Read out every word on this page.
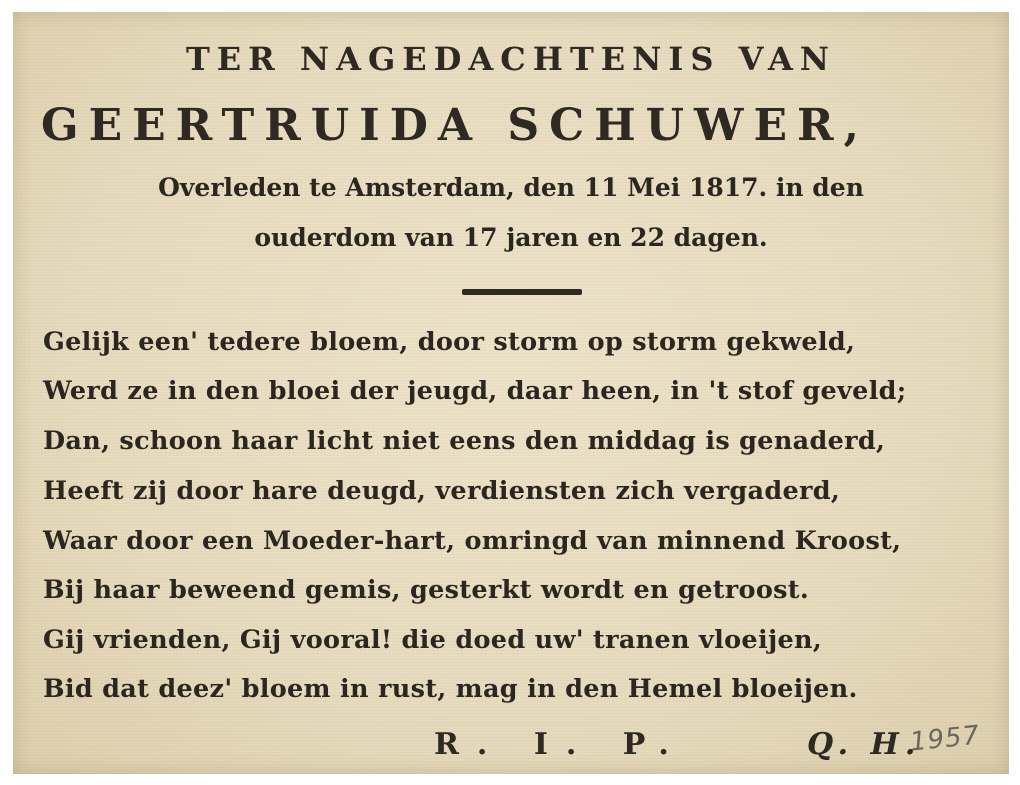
TER NAGEDACHTENIS VAN
GEERTRUIDA SCHUWER,
Overleden te Amsterdam, den 11 Mei 1817. in den
ouderdom van 17 jaren en 22 dagen.
Gelijk een' tedere bloem, door storm op storm gekweld,
Werd ze in den bloei der jeugd, daar heen, in 't stof geveld;
Dan, schoon haar licht niet eens den middag is genaderd,
Heeft zij door hare deugd, verdiensten zich vergaderd,
Waar door een Moeder-hart, omringd van minnend Kroost,
Bij haar beweend gemis, gesterkt wordt en getroost.
Gij vrienden, Gij vooral! die doed uw' tranen vloeijen,
Bid dat deez' bloem in rust, mag in den Hemel bloeijen.
R. I. P.	Q. H.
1957
